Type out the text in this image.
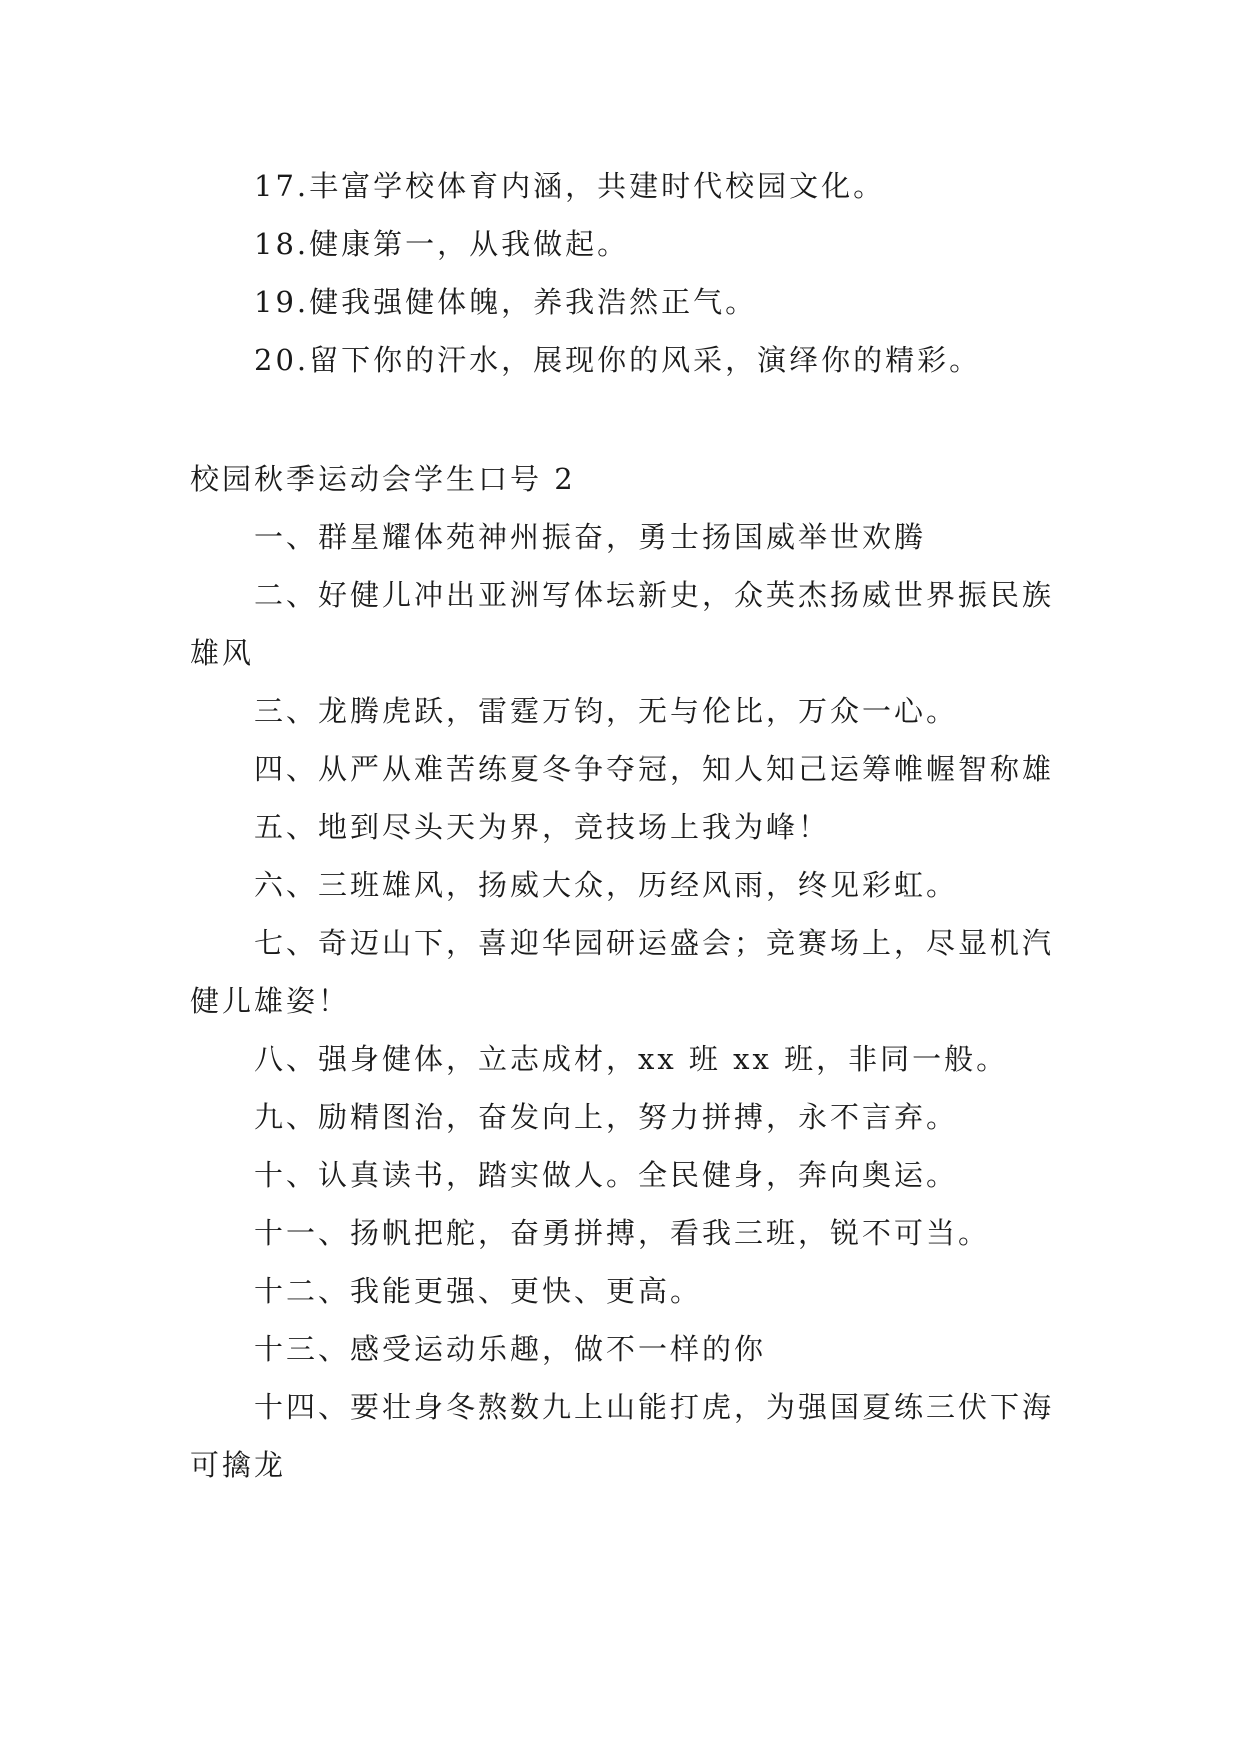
17.丰富学校体育内涵，共建时代校园文化。

18.健康第一，从我做起。

19.健我强健体魄，养我浩然正气。

20.留下你的汗水，展现你的风采，演绎你的精彩。

校园秋季运动会学生口号 2

一、群星耀体苑神州振奋，勇士扬国威举世欢腾

二、好健儿冲出亚洲写体坛新史，众英杰扬威世界振民族雄风

三、龙腾虎跃，雷霆万钧，无与伦比，万众一心。

四、从严从难苦练夏冬争夺冠，知人知己运筹帷幄智称雄

五、地到尽头天为界，竞技场上我为峰！

六、三班雄风，扬威大众，历经风雨，终见彩虹。

七、奇迈山下，喜迎华园研运盛会；竞赛场上，尽显机汽健儿雄姿！

八、强身健体，立志成材，xx 班 xx 班，非同一般。

九、励精图治，奋发向上，努力拼搏，永不言弃。

十、认真读书，踏实做人。全民健身，奔向奥运。

十一、扬帆把舵，奋勇拼搏，看我三班，锐不可当。

十二、我能更强、更快、更高。

十三、感受运动乐趣，做不一样的你

十四、要壮身冬熬数九上山能打虎，为强国夏练三伏下海可擒龙
